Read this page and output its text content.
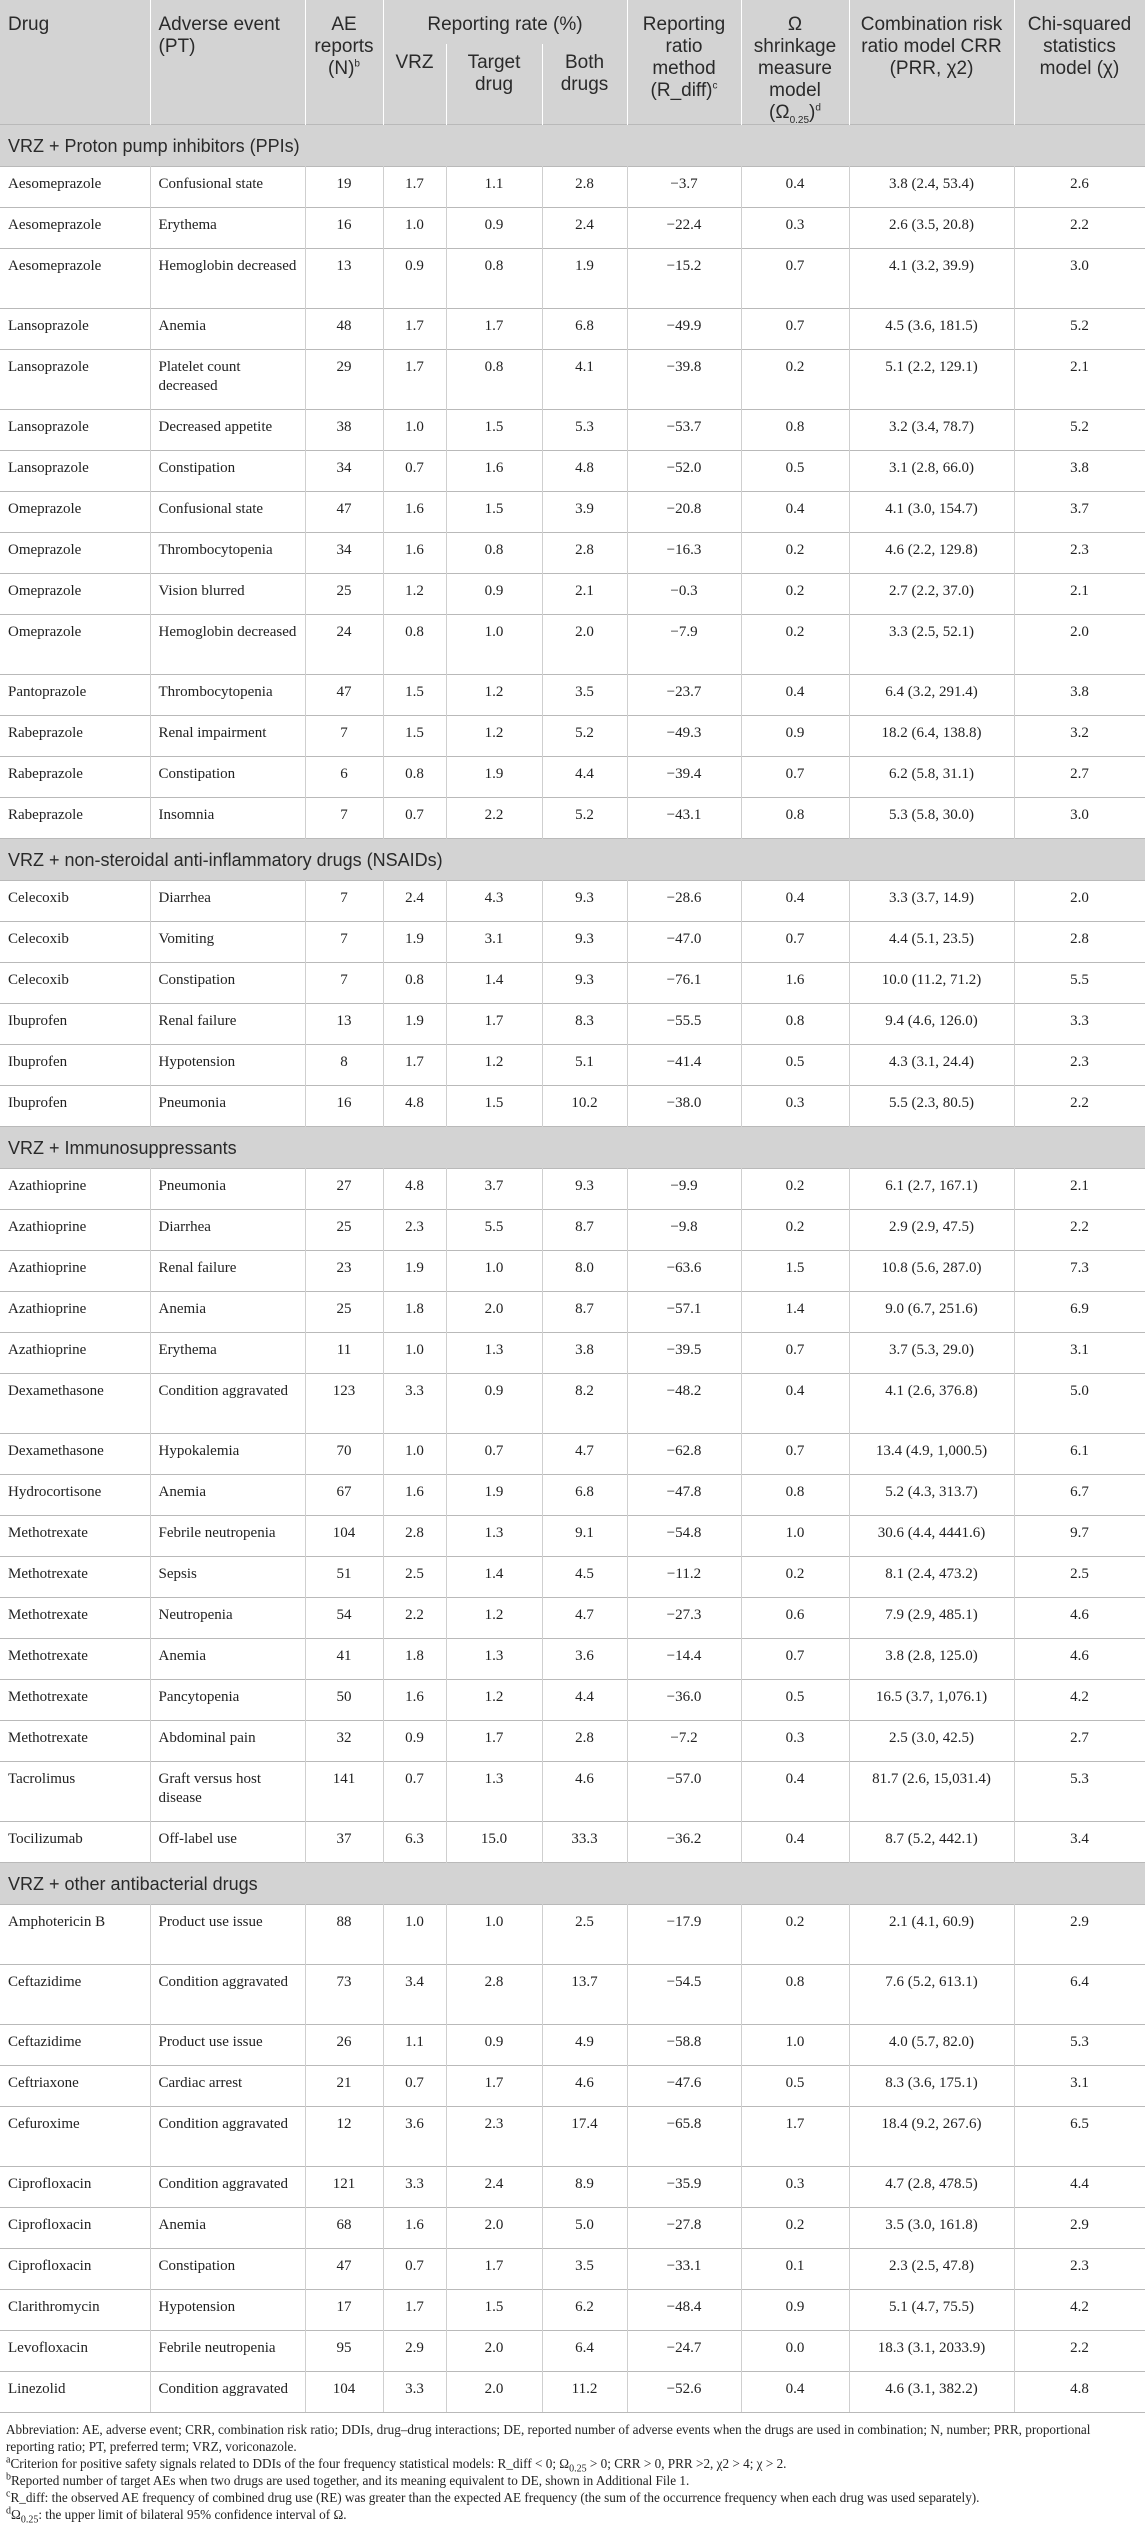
Drug	Adverse event (PT)	AE reports $(N)^b$	Reporting rate (%)			Reporting ratio method (R_diff)$^c$	Ω shrinkage measure model $(\Omega_{0.25})^d$	Combination risk ratio model CRR (PRR, χ2)	Chi-squared statistics model (χ)
			VRZ	Target drug	Both drugs				
VRZ + Proton pump inhibitors (PPIs)									
Aesomeprazole	Confusional state	19	1.7	1.1	2.8	−3.7	0.4	3.8 (2.4, 53.4)	2.6
Aesomeprazole	Erythema	16	1.0	0.9	2.4	−22.4	0.3	2.6 (3.5, 20.8)	2.2
Aesomeprazole	Hemoglobin decreased	13	0.9	0.8	1.9	−15.2	0.7	4.1 (3.2, 39.9)	3.0
Lansoprazole	Anemia	48	1.7	1.7	6.8	−49.9	0.7	4.5 (3.6, 181.5)	5.2
Lansoprazole	Platelet count decreased	29	1.7	0.8	4.1	−39.8	0.2	5.1 (2.2, 129.1)	2.1
Lansoprazole	Decreased appetite	38	1.0	1.5	5.3	−53.7	0.8	3.2 (3.4, 78.7)	5.2
Lansoprazole	Constipation	34	0.7	1.6	4.8	−52.0	0.5	3.1 (2.8, 66.0)	3.8
Omeprazole	Confusional state	47	1.6	1.5	3.9	−20.8	0.4	4.1 (3.0, 154.7)	3.7
Omeprazole	Thrombocytopenia	34	1.6	0.8	2.8	−16.3	0.2	4.6 (2.2, 129.8)	2.3
Omeprazole	Vision blurred	25	1.2	0.9	2.1	−0.3	0.2	2.7 (2.2, 37.0)	2.1
Omeprazole	Hemoglobin decreased	24	0.8	1.0	2.0	−7.9	0.2	3.3 (2.5, 52.1)	2.0
Pantoprazole	Thrombocytopenia	47	1.5	1.2	3.5	−23.7	0.4	6.4 (3.2, 291.4)	3.8
Rabeprazole	Renal impairment	7	1.5	1.2	5.2	−49.3	0.9	18.2 (6.4, 138.8)	3.2
Rabeprazole	Constipation	6	0.8	1.9	4.4	−39.4	0.7	6.2 (5.8, 31.1)	2.7
Rabeprazole	Insomnia	7	0.7	2.2	5.2	−43.1	0.8	5.3 (5.8, 30.0)	3.0
VRZ + non-steroidal anti-inflammatory drugs (NSAIDs)									
Celecoxib	Diarrhea	7	2.4	4.3	9.3	−28.6	0.4	3.3 (3.7, 14.9)	2.0
Celecoxib	Vomiting	7	1.9	3.1	9.3	−47.0	0.7	4.4 (5.1, 23.5)	2.8
Celecoxib	Constipation	7	0.8	1.4	9.3	−76.1	1.6	10.0 (11.2, 71.2)	5.5
Ibuprofen	Renal failure	13	1.9	1.7	8.3	−55.5	0.8	9.4 (4.6, 126.0)	3.3
Ibuprofen	Hypotension	8	1.7	1.2	5.1	−41.4	0.5	4.3 (3.1, 24.4)	2.3
Ibuprofen	Pneumonia	16	4.8	1.5	10.2	−38.0	0.3	5.5 (2.3, 80.5)	2.2
VRZ + Immunosuppressants									
Azathioprine	Pneumonia	27	4.8	3.7	9.3	−9.9	0.2	6.1 (2.7, 167.1)	2.1
Azathioprine	Diarrhea	25	2.3	5.5	8.7	−9.8	0.2	2.9 (2.9, 47.5)	2.2
Azathioprine	Renal failure	23	1.9	1.0	8.0	−63.6	1.5	10.8 (5.6, 287.0)	7.3
Azathioprine	Anemia	25	1.8	2.0	8.7	−57.1	1.4	9.0 (6.7, 251.6)	6.9
Azathioprine	Erythema	11	1.0	1.3	3.8	−39.5	0.7	3.7 (5.3, 29.0)	3.1
Dexamethasone	Condition aggravated	123	3.3	0.9	8.2	−48.2	0.4	4.1 (2.6, 376.8)	5.0
Dexamethasone	Hypokalemia	70	1.0	0.7	4.7	−62.8	0.7	13.4 (4.9, 1,000.5)	6.1
Hydrocortisone	Anemia	67	1.6	1.9	6.8	−47.8	0.8	5.2 (4.3, 313.7)	6.7
Methotrexate	Febrile neutropenia	104	2.8	1.3	9.1	−54.8	1.0	30.6 (4.4, 4441.6)	9.7
Methotrexate	Sepsis	51	2.5	1.4	4.5	−11.2	0.2	8.1 (2.4, 473.2)	2.5
Methotrexate	Neutropenia	54	2.2	1.2	4.7	−27.3	0.6	7.9 (2.9, 485.1)	4.6
Methotrexate	Anemia	41	1.8	1.3	3.6	−14.4	0.7	3.8 (2.8, 125.0)	4.6
Methotrexate	Pancytopenia	50	1.6	1.2	4.4	−36.0	0.5	16.5 (3.7, 1,076.1)	4.2
Methotrexate	Abdominal pain	32	0.9	1.7	2.8	−7.2	0.3	2.5 (3.0, 42.5)	2.7
Tacrolimus	Graft versus host disease	141	0.7	1.3	4.6	−57.0	0.4	81.7 (2.6, 15,031.4)	5.3
Tocilizumab	Off-label use	37	6.3	15.0	33.3	−36.2	0.4	8.7 (5.2, 442.1)	3.4
VRZ + other antibacterial drugs									
Amphotericin B	Product use issue	88	1.0	1.0	2.5	−17.9	0.2	2.1 (4.1, 60.9)	2.9
Ceftazidime	Condition aggravated	73	3.4	2.8	13.7	−54.5	0.8	7.6 (5.2, 613.1)	6.4
Ceftazidime	Product use issue	26	1.1	0.9	4.9	−58.8	1.0	4.0 (5.7, 82.0)	5.3
Ceftriaxone	Cardiac arrest	21	0.7	1.7	4.6	−47.6	0.5	8.3 (3.6, 175.1)	3.1
Cefuroxime	Condition aggravated	12	3.6	2.3	17.4	−65.8	1.7	18.4 (9.2, 267.6)	6.5
Ciprofloxacin	Condition aggravated	121	3.3	2.4	8.9	−35.9	0.3	4.7 (2.8, 478.5)	4.4
Ciprofloxacin	Anemia	68	1.6	2.0	5.0	−27.8	0.2	3.5 (3.0, 161.8)	2.9
Ciprofloxacin	Constipation	47	0.7	1.7	3.5	−33.1	0.1	2.3 (2.5, 47.8)	2.3
Clarithromycin	Hypotension	17	1.7	1.5	6.2	−48.4	0.9	5.1 (4.7, 75.5)	4.2
Levofloxacin	Febrile neutropenia	95	2.9	2.0	6.4	−24.7	0.0	18.3 (3.1, 2033.9)	2.2
Linezolid	Condition aggravated	104	3.3	2.0	11.2	−52.6	0.4	4.6 (3.1, 382.2)	4.8

Abbreviation: AE, adverse event; CRR, combination risk ratio; DDIs, drug–drug interactions; DE, reported number of adverse events when the drugs are used in combination; N, number; PRR, proportional reporting ratio; PT, preferred term; VRZ, voriconazole.

$^a$Criterion for positive safety signals related to DDIs of the four frequency statistical models: R_diff < 0; $\Omega_{0.25} > 0$; CRR > 0, PRR >2, χ2 > 4; χ > 2.

$^b$Reported number of target AEs when two drugs are used together, and its meaning equivalent to DE, shown in Additional File 1.

$^c$R_diff: the observed AE frequency of combined drug use (RE) was greater than the expected AE frequency (the sum of the occurrence frequency when each drug was used separately).

$^d\Omega_{0.25}$: the upper limit of bilateral 95% confidence interval of Ω.
